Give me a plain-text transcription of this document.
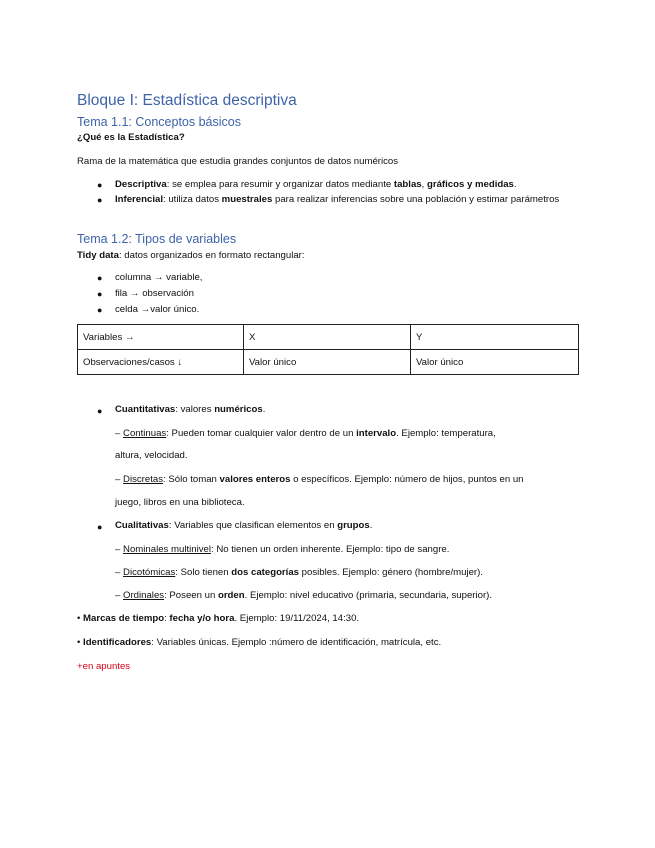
Bloque I: Estadística descriptiva
Tema 1.1: Conceptos básicos
¿Qué es la Estadística?
Rama de la matemática que estudia grandes conjuntos de datos numéricos
● Descriptiva: se emplea para resumir y organizar datos mediante tablas, gráficos y medidas.
● Inferencial: utiliza datos muestrales para realizar inferencias sobre una población y estimar parámetros
Tema 1.2: Tipos de variables
Tidy data: datos organizados en formato rectangular:
● columna → variable,
● fila → observación
● celda →valor único.
Variables →	X	Y
Observaciones/casos ↓	Valor único	Valor único
● Cuantitativas: valores numéricos.
– Continuas: Pueden tomar cualquier valor dentro de un intervalo. Ejemplo: temperatura,
altura, velocidad.
– Discretas: Sólo toman valores enteros o específicos. Ejemplo: número de hijos, puntos en un
juego, libros en una biblioteca.
● Cualitativas: Variables que clasifican elementos en grupos.
– Nominales multinivel: No tienen un orden inherente. Ejemplo: tipo de sangre.
– Dicotómicas: Solo tienen dos categorías posibles. Ejemplo: género (hombre/mujer).
– Ordinales: Poseen un orden. Ejemplo: nivel educativo (primaria, secundaria, superior).
• Marcas de tiempo: fecha y/o hora. Ejemplo: 19/11/2024, 14:30.
• Identificadores: Variables únicas. Ejemplo :número de identificación, matrícula, etc.
+en apuntes
